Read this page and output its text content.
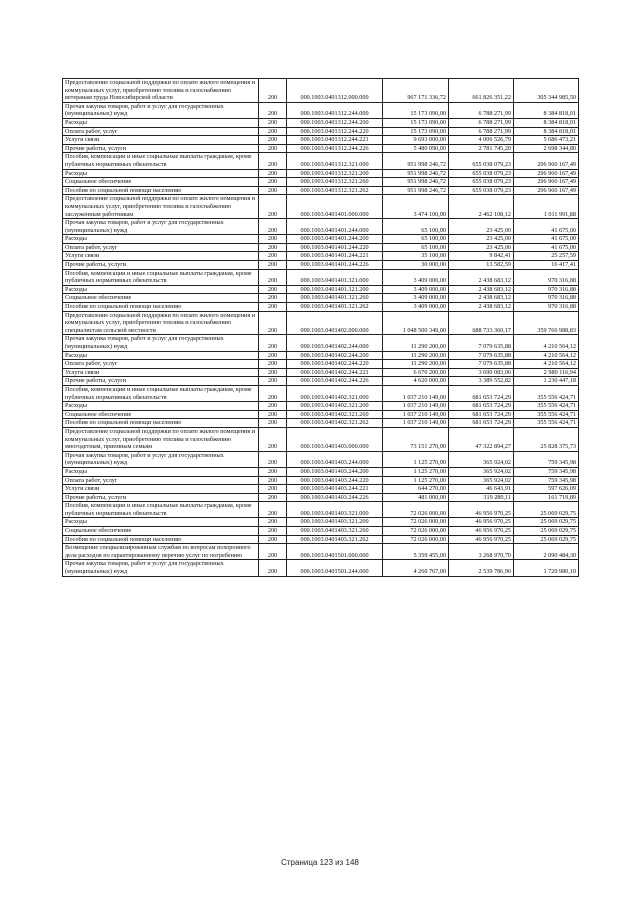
Предоставление социальной поддержки по оплате жилого помещения и коммунальных услуг, приобретению топлива и газоснабжению ветеранам труда Новосибирской области	200	000.1003.0401312.000.000	967 171 336,72	661 826 351,22	305 344 985,50
Прочая закупка товаров, работ и услуг для государственных (муниципальных) нужд	200	000.1003.0401312.244.000	15 173 090,00	6 788 271,99	8 384 818,01
Расходы	200	000.1003.0401312.244.200	15 173 090,00	6 788 271,99	8 384 818,01
Оплата работ, услуг	200	000.1003.0401312.244.220	15 173 090,00	6 788 271,99	8 384 818,01
Услуги связи	200	000.1003.0401312.244.221	9 693 000,00	4 006 526,79	5 686 473,21
Прочие работы, услуги	200	000.1003.0401312.244.226	5 480 090,00	2 781 745,20	2 698 344,80
Пособия, компенсации и иные социальные выплаты гражданам, кроме публичных нормативных обязательств	200	000.1003.0401312.321.000	951 998 246,72	655 038 079,23	296 960 167,49
Расходы	200	000.1003.0401312.321.200	951 998 246,72	655 038 079,23	296 960 167,49
Социальное обеспечение	200	000.1003.0401312.321.260	951 998 246,72	655 038 079,23	296 960 167,49
Пособия по социальной помощи населению	200	000.1003.0401312.321.262	951 998 246,72	655 038 079,23	296 960 167,49
Предоставление социальной поддержки по оплате жилого помещения и коммунальных услуг, приобретению топлива и газоснабжению заслуженным работникам	200	000.1003.0401401.000.000	3 474 100,00	2 462 108,12	1 011 991,88
Прочая закупка товаров, работ и услуг для государственных (муниципальных) нужд	200	000.1003.0401401.244.000	65 100,00	23 425,00	41 675,00
Расходы	200	000.1003.0401401.244.200	65 100,00	23 425,00	41 675,00
Оплата работ, услуг	200	000.1003.0401401.244.220	65 100,00	23 425,00	41 675,00
Услуги связи	200	000.1003.0401401.244.221	35 100,00	9 842,41	25 257,59
Прочие работы, услуги	200	000.1003.0401401.244.226	30 000,00	13 582,59	16 417,41
Пособия, компенсации и иные социальные выплаты гражданам, кроме публичных нормативных обязательств	200	000.1003.0401401.321.000	3 409 000,00	2 438 683,12	970 316,88
Расходы	200	000.1003.0401401.321.200	3 409 000,00	2 438 683,12	970 316,88
Социальное обеспечение	200	000.1003.0401401.321.260	3 409 000,00	2 438 683,12	970 316,88
Пособия по социальной помощи населению	200	000.1003.0401401.321.262	3 409 000,00	2 438 683,12	970 316,88
Предоставление социальной поддержки по оплате жилого помещения и коммунальных услуг, приобретению топлива и газоснабжению специалистам сельской местности	200	000.1003.0401402.000.000	1 048 500 349,00	688 733 360,17	359 766 988,83
Прочая закупка товаров, работ и услуг для государственных (муниципальных) нужд	200	000.1003.0401402.244.000	11 290 200,00	7 079 635,88	4 210 564,12
Расходы	200	000.1003.0401402.244.200	11 290 200,00	7 079 635,88	4 210 564,12
Оплата работ, услуг	200	000.1003.0401402.244.220	11 290 200,00	7 079 635,88	4 210 564,12
Услуги связи	200	000.1003.0401402.244.221	6 670 200,00	3 690 083,06	2 980 116,94
Прочие работы, услуги	200	000.1003.0401402.244.226	4 620 000,00	3 389 552,82	1 230 447,18
Пособия, компенсации и иные социальные выплаты гражданам, кроме публичных нормативных обязательств	200	000.1003.0401402.321.000	1 037 210 149,00	681 653 724,29	355 556 424,71
Расходы	200	000.1003.0401402.321.200	1 037 210 149,00	681 653 724,29	355 556 424,71
Социальное обеспечение	200	000.1003.0401402.321.260	1 037 210 149,00	681 653 724,29	355 556 424,71
Пособия по социальной помощи населению	200	000.1003.0401402.321.262	1 037 210 149,00	681 653 724,29	355 556 424,71
Предоставление социальной поддержки по оплате жилого помещения и коммунальных услуг, приобретению топлива и газоснабжению многодетным, приемным семьям	200	000.1003.0401403.000.000	73 151 270,00	47 322 894,27	25 828 375,73
Прочая закупка товаров, работ и услуг для государственных (муниципальных) нужд	200	000.1003.0401403.244.000	1 125 270,00	365 924,02	759 345,98
Расходы	200	000.1003.0401403.244.200	1 125 270,00	365 924,02	759 345,98
Оплата работ, услуг	200	000.1003.0401403.244.220	1 125 270,00	365 924,02	759 345,98
Услуги связи	200	000.1003.0401403.244.221	644 270,00	46 643,91	597 626,09
Прочие работы, услуги	200	000.1003.0401403.244.226	481 000,00	319 280,11	161 719,89
Пособия, компенсации и иные социальные выплаты гражданам, кроме публичных нормативных обязательств	200	000.1003.0401403.321.000	72 026 000,00	46 956 970,25	25 069 029,75
Расходы	200	000.1003.0401403.321.200	72 026 000,00	46 956 970,25	25 069 029,75
Социальное обеспечение	200	000.1003.0401403.321.260	72 026 000,00	46 956 970,25	25 069 029,75
Пособия по социальной помощи населению	200	000.1003.0401403.321.262	72 026 000,00	46 956 970,25	25 069 029,75
Возмещение специализированным службам по вопросам похоронного дела расходов по гарантированному перечню услуг по погребению	200	000.1003.0401501.000.000	5 359 455,00	3 268 970,70	2 090 484,30
Прочая закупка товаров, работ и услуг для государственных (муниципальных) нужд	200	000.1003.0401501.244.000	4 260 767,00	2 539 786,90	1 720 980,10
Страница 123 из 148
